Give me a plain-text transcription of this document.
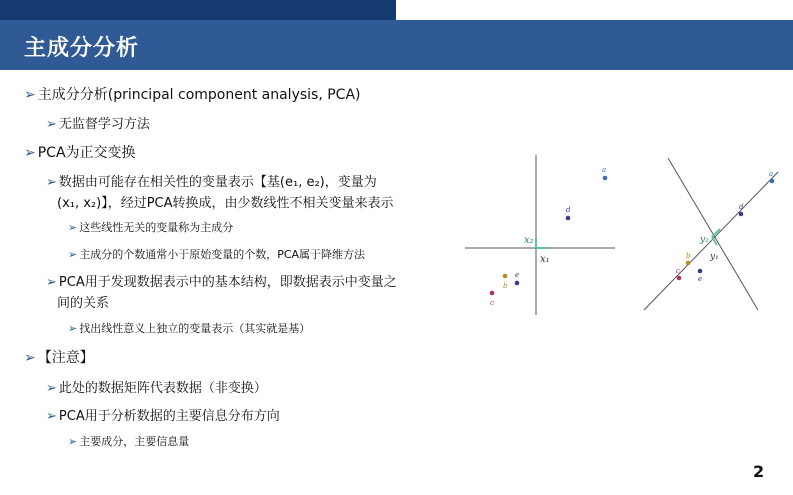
主成分分析
➢ 主成分分析(principal component analysis, PCA)
➢ 无监督学习方法
➢ PCA为正交变换
➢ 数据由可能存在相关性的变量表示【基(e₁, e₂)，变量为
(x₁, x₂)】，经过PCA转换成，由少数线性不相关变量来表示
➢ 这些线性无关的变量称为主成分
➢ 主成分的个数通常小于原始变量的个数，PCA属于降维方法
➢ PCA用于发现数据表示中的基本结构，即数据表示中变量之
间的关系
➢ 找出线性意义上独立的变量表示（其实就是基）
➢ 【注意】
➢ 此处的数据矩阵代表数据（非变换）
➢ PCA用于分析数据的主要信息分布方向
➢ 主要成分，主要信息量
x₂
x₁
a
d
b
e
c
y₂
y₁
a
d
b
e
c
2
